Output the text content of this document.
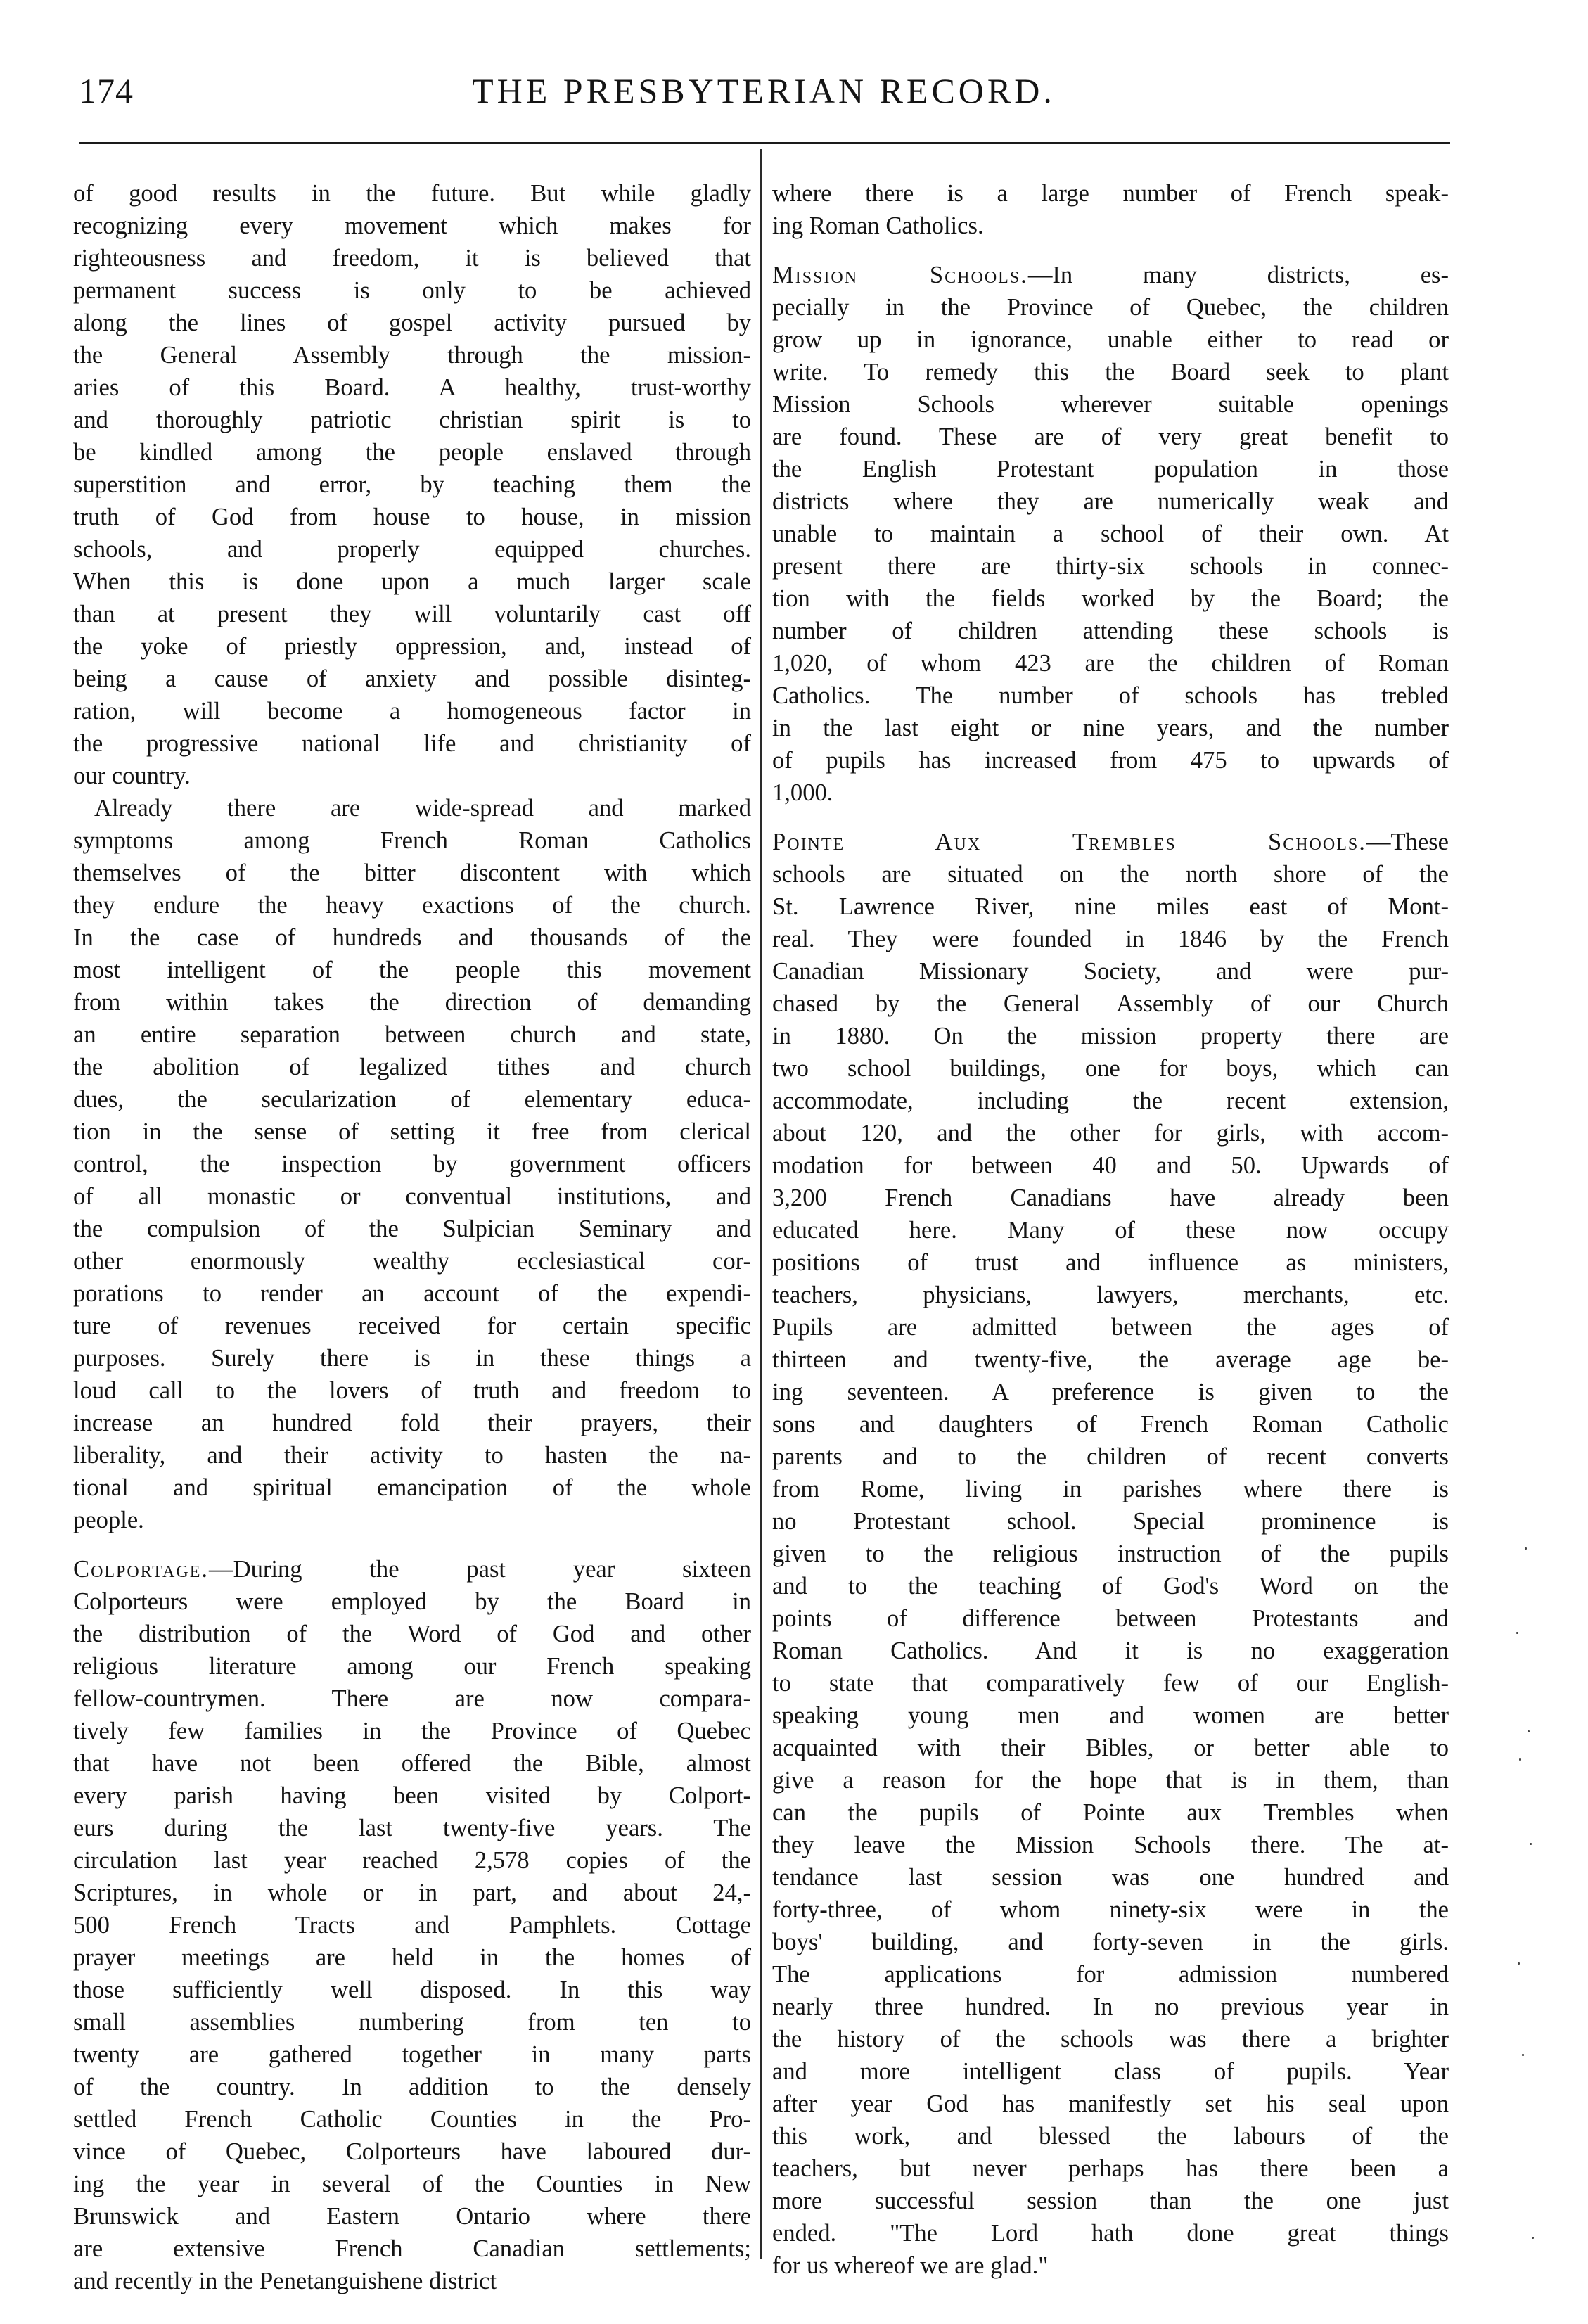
174	THE PRESBYTERIAN RECORD.
of good results in the future. But while gladly
recognizing every movement which makes for
righteousness and freedom, it is believed that
permanent success is only to be achieved
along the lines of gospel activity pursued by
the General Assembly through the mission-
aries of this Board. A healthy, trust-worthy
and thoroughly patriotic christian spirit is to
be kindled among the people enslaved through
superstition and error, by teaching them the
truth of God from house to house, in mission
schools, and properly equipped churches.
When this is done upon a much larger scale
than at present they will voluntarily cast off
the yoke of priestly oppression, and, instead of
being a cause of anxiety and possible disinteg-
ration, will become a homogeneous factor in
the progressive national life and christianity of
our country.
Already there are wide-spread and marked
symptoms among French Roman Catholics
themselves of the bitter discontent with which
they endure the heavy exactions of the church.
In the case of hundreds and thousands of the
most intelligent of the people this movement
from within takes the direction of demanding
an entire separation between church and state,
the abolition of legalized tithes and church
dues, the secularization of elementary educa-
tion in the sense of setting it free from clerical
control, the inspection by government officers
of all monastic or conventual institutions, and
the compulsion of the Sulpician Seminary and
other enormously wealthy ecclesiastical cor-
porations to render an account of the expendi-
ture of revenues received for certain specific
purposes. Surely there is in these things a
loud call to the lovers of truth and freedom to
increase an hundred fold their prayers, their
liberality, and their activity to hasten the na-
tional and spiritual emancipation of the whole
people.
Colportage.—During the past year sixteen
Colporteurs were employed by the Board in
the distribution of the Word of God and other
religious literature among our French speaking
fellow-countrymen. There are now compara-
tively few families in the Province of Quebec
that have not been offered the Bible, almost
every parish having been visited by Colport-
eurs during the last twenty-five years. The
circulation last year reached 2,578 copies of the
Scriptures, in whole or in part, and about 24,-
500 French Tracts and Pamphlets. Cottage
prayer meetings are held in the homes of
those sufficiently well disposed. In this way
small assemblies numbering from ten to
twenty are gathered together in many parts
of the country. In addition to the densely
settled French Catholic Counties in the Pro-
vince of Quebec, Colporteurs have laboured dur-
ing the year in several of the Counties in New
Brunswick and Eastern Ontario where there
are extensive French Canadian settlements;
and recently in the Penetanguishene district
where there is a large number of French speak-
ing Roman Catholics.
Mission Schools.—In many districts, es-
pecially in the Province of Quebec, the children
grow up in ignorance, unable either to read or
write. To remedy this the Board seek to plant
Mission Schools wherever suitable openings
are found. These are of very great benefit to
the English Protestant population in those
districts where they are numerically weak and
unable to maintain a school of their own. At
present there are thirty-six schools in connec-
tion with the fields worked by the Board; the
number of children attending these schools is
1,020, of whom 423 are the children of Roman
Catholics. The number of schools has trebled
in the last eight or nine years, and the number
of pupils has increased from 475 to upwards of
1,000.
Pointe Aux Trembles Schools.—These
schools are situated on the north shore of the
St. Lawrence River, nine miles east of Mont-
real. They were founded in 1846 by the French
Canadian Missionary Society, and were pur-
chased by the General Assembly of our Church
in 1880. On the mission property there are
two school buildings, one for boys, which can
accommodate, including the recent extension,
about 120, and the other for girls, with accom-
modation for between 40 and 50. Upwards of
3,200 French Canadians have already been
educated here. Many of these now occupy
positions of trust and influence as ministers,
teachers, physicians, lawyers, merchants, etc.
Pupils are admitted between the ages of
thirteen and twenty-five, the average age be-
ing seventeen. A preference is given to the
sons and daughters of French Roman Catholic
parents and to the children of recent converts
from Rome, living in parishes where there is
no Protestant school. Special prominence is
given to the religious instruction of the pupils
and to the teaching of God's Word on the
points of difference between Protestants and
Roman Catholics. And it is no exaggeration
to state that comparatively few of our English-
speaking young men and women are better
acquainted with their Bibles, or better able to
give a reason for the hope that is in them, than
can the pupils of Pointe aux Trembles when
they leave the Mission Schools there. The at-
tendance last session was one hundred and
forty-three, of whom ninety-six were in the
boys' building, and forty-seven in the girls.
The applications for admission numbered
nearly three hundred. In no previous year in
the history of the schools was there a brighter
and more intelligent class of pupils. Year
after year God has manifestly set his seal upon
this work, and blessed the labours of the
teachers, but never perhaps has there been a
more successful session than the one just
ended. "The Lord hath done great things
for us whereof we are glad."
